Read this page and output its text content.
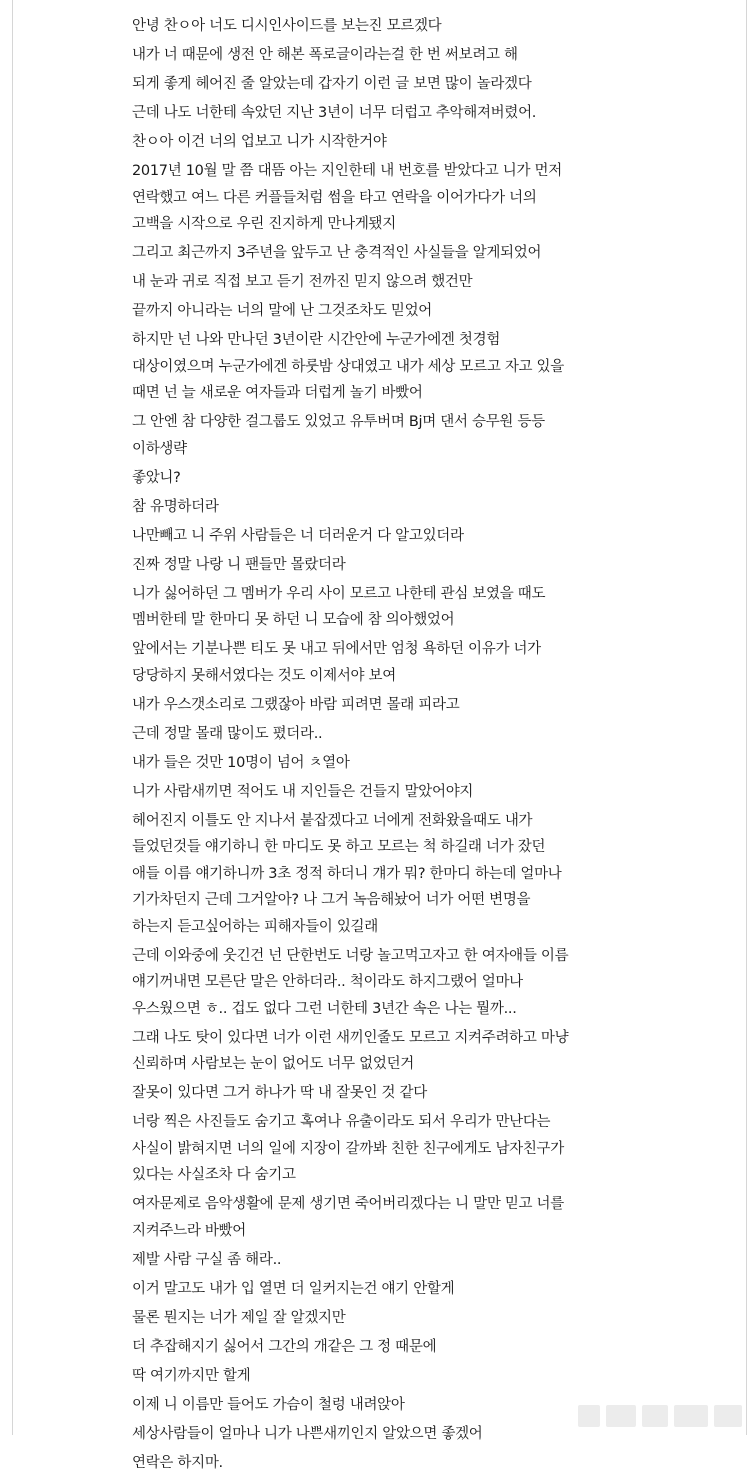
안녕 찬ㅇ아 너도 디시인사이드를 보는진 모르겠다

내가 너 때문에 생전 안 해본 폭로글이라는걸 한 번 써보려고 해

되게 좋게 헤어진 줄 알았는데 갑자기 이런 글 보면 많이 놀라겠다

근데 나도 너한테 속았던 지난 3년이 너무 더럽고 추악해져버렸어.

찬ㅇ아 이건 너의 업보고 니가 시작한거야

2017년 10월 말 쯤 대뜸 아는 지인한테 내 번호를 받았다고 니가 먼저 연락했고 여느 다른 커플들처럼 썸을 타고 연락을 이어가다가 너의 고백을 시작으로 우린 진지하게 만나게됐지

그리고 최근까지 3주년을 앞두고 난 충격적인 사실들을 알게되었어

내 눈과 귀로 직접 보고 듣기 전까진 믿지 않으려 했건만

끝까지 아니라는 너의 말에 난 그것조차도 믿었어

하지만 넌 나와 만나던 3년이란 시간안에 누군가에겐 첫경험 대상이였으며 누군가에겐 하룻밤 상대였고 내가 세상 모르고 자고 있을 때면 넌 늘 새로운 여자들과 더럽게 놀기 바빴어

그 안엔 참 다양한 걸그룹도 있었고 유투버며 Bj며 댄서 승무원 등등 이하생략

좋았니?

참 유명하더라

나만빼고 니 주위 사람들은 너 더러운거 다 알고있더라

진짜 정말 나랑 니 팬들만 몰랐더라

니가 싫어하던 그 멤버가 우리 사이 모르고 나한테 관심 보였을 때도 멤버한테 말 한마디 못 하던 니 모습에 참 의아했었어

앞에서는 기분나쁜 티도 못 내고 뒤에서만 엄청 욕하던 이유가 너가 당당하지 못해서였다는 것도 이제서야 보여

내가 우스갯소리로 그랬잖아 바람 피려면 몰래 피라고

근데 정말 몰래 많이도 폈더라..

내가 들은 것만 10명이 넘어 ㅊ열아

니가 사람새끼면 적어도 내 지인들은 건들지 말았어야지

헤어진지 이틀도 안 지나서 붙잡겠다고 너에게 전화왔을때도 내가 들었던것들 얘기하니 한 마디도 못 하고 모르는 척 하길래 너가 잤던 애들 이름 얘기하니까 3초 정적 하더니 걔가 뭐? 한마디 하는데 얼마나 기가차던지 근데 그거알아? 나 그거 녹음해놨어 너가 어떤 변명을 하는지 듣고싶어하는 피해자들이 있길래

근데 이와중에 웃긴건 넌 단한번도 너랑 놀고먹고자고 한 여자애들 이름 얘기꺼내면 모른단 말은 안하더라.. 척이라도 하지그랬어 얼마나 우스웠으면 ㅎ.. 겁도 없다 그런 너한테 3년간 속은 나는 뭘까...

그래 나도 탓이 있다면 너가 이런 새끼인줄도 모르고 지켜주려하고 마냥 신뢰하며 사람보는 눈이 없어도 너무 없었던거

잘못이 있다면 그거 하나가 딱 내 잘못인 것 같다

너랑 찍은 사진들도 숨기고 혹여나 유출이라도 되서 우리가 만난다는 사실이 밝혀지면 너의 일에 지장이 갈까봐 친한 친구에게도 남자친구가 있다는 사실조차 다 숨기고

여자문제로 음악생활에 문제 생기면 죽어버리겠다는 니 말만 믿고 너를 지켜주느라 바빴어

제발 사람 구실 좀 해라..

이거 말고도 내가 입 열면 더 일커지는건 얘기 안할게

물론 뭔지는 너가 제일 잘 알겠지만

더 추잡해지기 싫어서 그간의 개같은 그 정 때문에

딱 여기까지만 할게

이제 니 이름만 들어도 가슴이 철렁 내려앉아

세상사람들이 얼마나 니가 나쁜새끼인지 알았으면 좋겠어

연락은 하지마.
